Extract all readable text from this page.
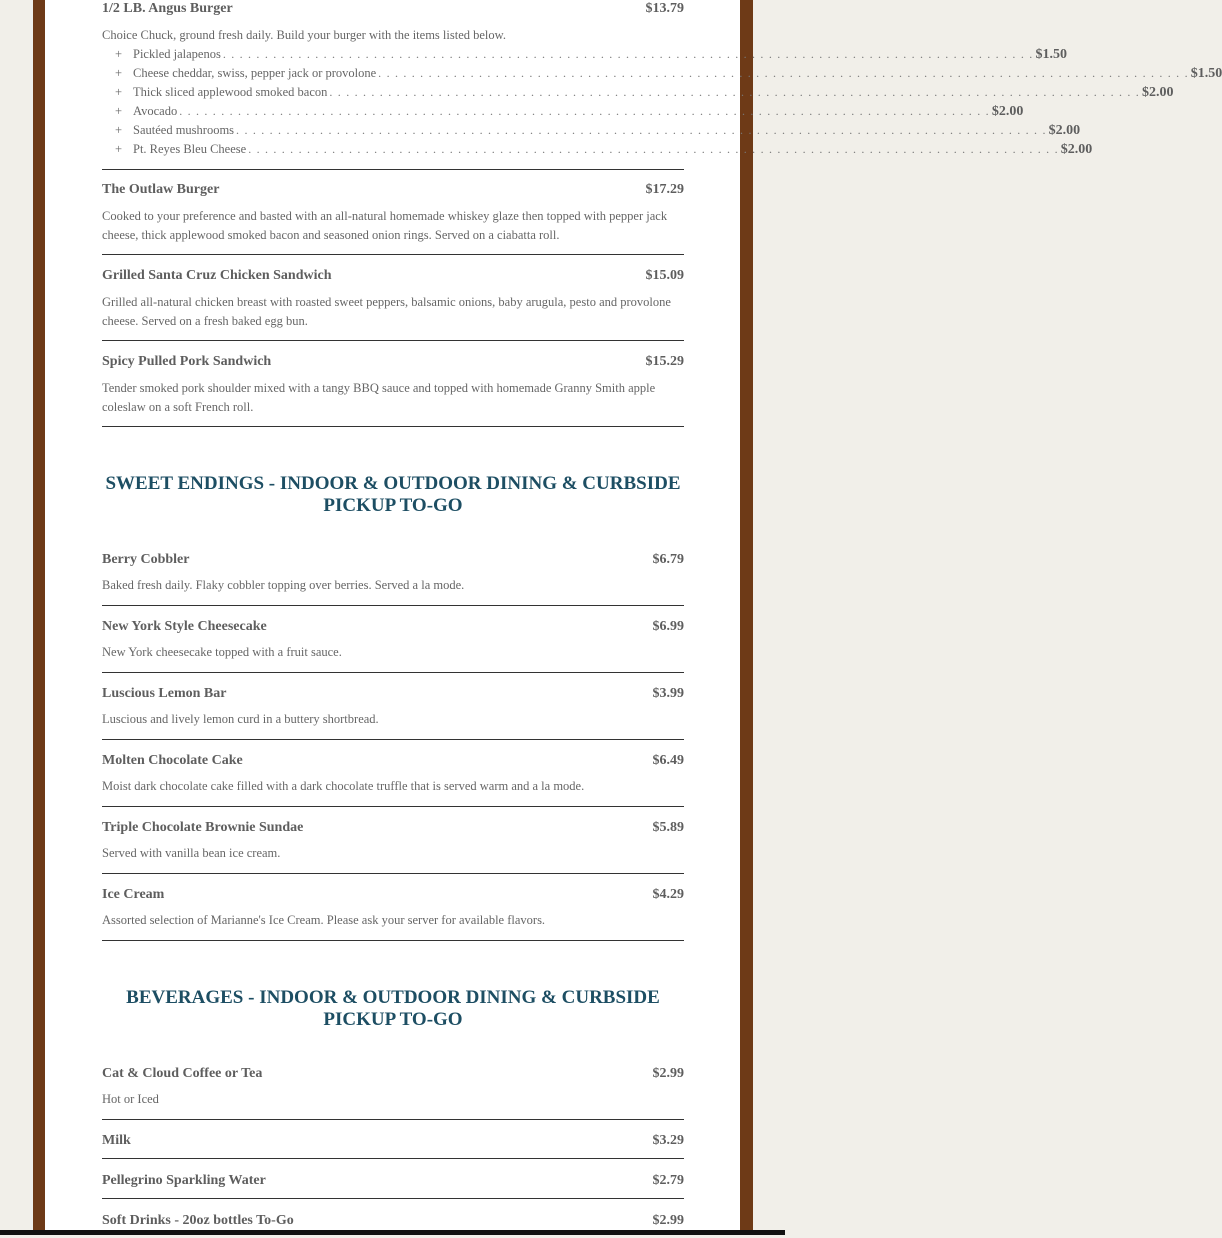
1/2 LB. Angus Burger	$13.79
Choice Chuck, ground fresh daily. Build your burger with the items listed below.
+ Pickled jalapenos . . . . . . . . . . . . . . . . . . . . . . . . . . . . . . . . . . . . . . . . . . . . . . . . . . . . . . . . . . . . . . . . . . . . . . . . . . . . . . . . . . . . . . . . . . . . . . . . . $1.50
+ Cheese cheddar, swiss, pepper jack or provolone . . . . . . . . . . . . . . . . . . . . . . . . . . . . . . . . . . . . . . . . . . . . . . . . . . . . . . . . . . . . . . . . . . . . . . . . . . . . . . . . . . . . . . . . . . . . . . . . . $1.50
+ Thick sliced applewood smoked bacon . . . . . . . . . . . . . . . . . . . . . . . . . . . . . . . . . . . . . . . . . . . . . . . . . . . . . . . . . . . . . . . . . . . . . . . . . . . . . . . . . . . . . . . . . . . . . . . . . $2.00
+ Avocado . . . . . . . . . . . . . . . . . . . . . . . . . . . . . . . . . . . . . . . . . . . . . . . . . . . . . . . . . . . . . . . . . . . . . . . . . . . . . . . . . . . . . . . . . . . . . . . . . $2.00
+ Sautéed mushrooms . . . . . . . . . . . . . . . . . . . . . . . . . . . . . . . . . . . . . . . . . . . . . . . . . . . . . . . . . . . . . . . . . . . . . . . . . . . . . . . . . . . . . . . . . . . . . . . . . $2.00
+ Pt. Reyes Bleu Cheese . . . . . . . . . . . . . . . . . . . . . . . . . . . . . . . . . . . . . . . . . . . . . . . . . . . . . . . . . . . . . . . . . . . . . . . . . . . . . . . . . . . . . . . . . . . . . . . . . $2.00
The Outlaw Burger	$17.29
Cooked to your preference and basted with an all-natural homemade whiskey glaze then topped with pepper jack cheese, thick applewood smoked bacon and seasoned onion rings. Served on a ciabatta roll.
Grilled Santa Cruz Chicken Sandwich	$15.09
Grilled all-natural chicken breast with roasted sweet peppers, balsamic onions, baby arugula, pesto and provolone cheese. Served on a fresh baked egg bun.
Spicy Pulled Pork Sandwich	$15.29
Tender smoked pork shoulder mixed with a tangy BBQ sauce and topped with homemade Granny Smith apple coleslaw on a soft French roll.
SWEET ENDINGS - INDOOR & OUTDOOR DINING & CURBSIDE PICKUP TO-GO
Berry Cobbler	$6.79
Baked fresh daily. Flaky cobbler topping over berries. Served a la mode.
New York Style Cheesecake	$6.99
New York cheesecake topped with a fruit sauce.
Luscious Lemon Bar	$3.99
Luscious and lively lemon curd in a buttery shortbread.
Molten Chocolate Cake	$6.49
Moist dark chocolate cake filled with a dark chocolate truffle that is served warm and a la mode.
Triple Chocolate Brownie Sundae	$5.89
Served with vanilla bean ice cream.
Ice Cream	$4.29
Assorted selection of Marianne's Ice Cream. Please ask your server for available flavors.
BEVERAGES - INDOOR & OUTDOOR DINING & CURBSIDE PICKUP TO-GO
Cat & Cloud Coffee or Tea	$2.99
Hot or Iced
Milk	$3.29
Pellegrino Sparkling Water	$2.79
Soft Drinks - 20oz bottles To-Go	$2.99
